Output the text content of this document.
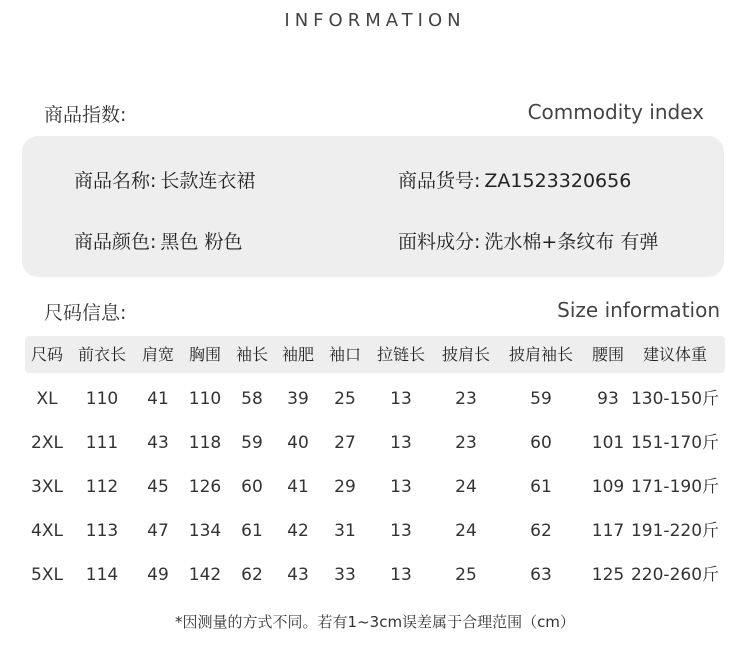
INFORMATION
商品指数:	Commodity index
商品名称: 长款连衣裙	商品货号: ZA1523320656
商品颜色: 黑色 粉色	面料成分: 洗水棉+条纹布 有弹
尺码信息:	Size information
尺码 前衣长 肩宽 胸围 袖长 袖肥 袖口 拉链长 披肩长 披肩袖长 腰围 建议体重
XL 110 41 110 58 39 25 13	23	59	93 130-150斤
2XL 111 43 118 59 40 27 13	23	60 101 151-170斤
3XL 112 45 126 60 41 29 13	24	61 109 171-190斤
4XL 113 47 134 61 42 31 13	24	62 117 191-220斤
5XL 114 49 142 62 43 33 13	25	63 125 220-260斤
*因测量的方式不同。若有1~3cm误差属于合理范围（cm）
